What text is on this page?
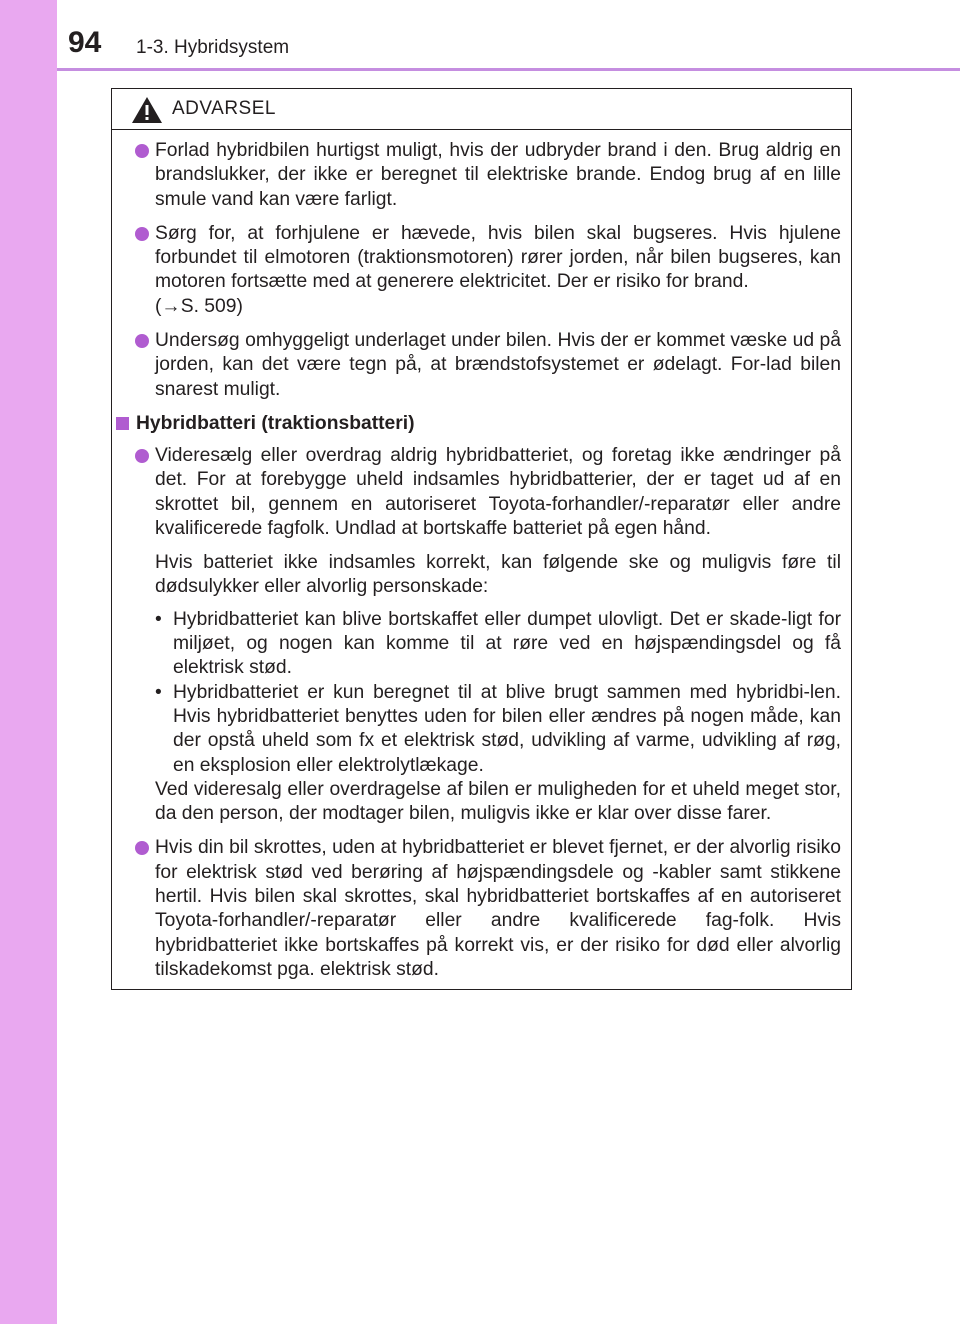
94 1-3. Hybridsystem
ADVARSEL
Forlad hybridbilen hurtigst muligt, hvis der udbryder brand i den. Brug aldrig en brandslukker, der ikke er beregnet til elektriske brande. Endog brug af en lille smule vand kan være farligt.
Sørg for, at forhjulene er hævede, hvis bilen skal bugseres. Hvis hjulene forbundet til elmotoren (traktionsmotoren) rører jorden, når bilen bugseres, kan motoren fortsætte med at generere elektricitet. Der er risiko for brand.
(→S. 509)
Undersøg omhyggeligt underlaget under bilen. Hvis der er kommet væske ud på jorden, kan det være tegn på, at brændstofsystemet er ødelagt. For-lad bilen snarest muligt.
Hybridbatteri (traktionsbatteri)
Videresælg eller overdrag aldrig hybridbatteriet, og foretag ikke ændringer på det. For at forebygge uheld indsamles hybridbatterier, der er taget ud af en skrottet bil, gennem en autoriseret Toyota-forhandler/-reparatør eller andre kvalificerede fagfolk. Undlad at bortskaffe batteriet på egen hånd.
Hvis batteriet ikke indsamles korrekt, kan følgende ske og muligvis føre til dødsulykker eller alvorlig personskade:
• Hybridbatteriet kan blive bortskaffet eller dumpet ulovligt. Det er skade-ligt for miljøet, og nogen kan komme til at røre ved en højspændingsdel og få elektrisk stød.
• Hybridbatteriet er kun beregnet til at blive brugt sammen med hybridbi-len. Hvis hybridbatteriet benyttes uden for bilen eller ændres på nogen måde, kan der opstå uheld som fx et elektrisk stød, udvikling af varme, udvikling af røg, en eksplosion eller elektrolytlækage.
Ved videresalg eller overdragelse af bilen er muligheden for et uheld meget stor, da den person, der modtager bilen, muligvis ikke er klar over disse farer.
Hvis din bil skrottes, uden at hybridbatteriet er blevet fjernet, er der alvorlig risiko for elektrisk stød ved berøring af højspændingsdele og -kabler samt stikkene hertil. Hvis bilen skal skrottes, skal hybridbatteriet bortskaffes af en autoriseret Toyota-forhandler/-reparatør eller andre kvalificerede fag-folk. Hvis hybridbatteriet ikke bortskaffes på korrekt vis, er der risiko for død eller alvorlig tilskadekomst pga. elektrisk stød.
